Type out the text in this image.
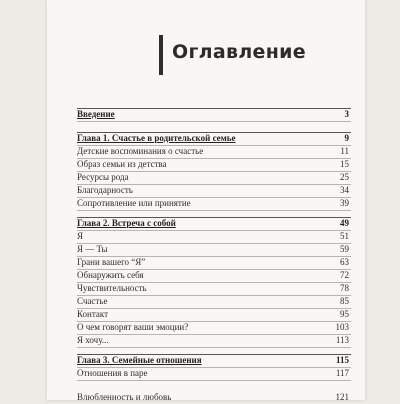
Оглавление
Введение	3
Глава 1. Счастье в родительской семье	9
Детские воспоминания о счастье	11
Образ семьи из детства	15
Ресурсы рода	25
Благодарность	34
Сопротивление или принятие	39
Глава 2. Встреча с собой	49
Я	51
Я — Ты	59
Грани вашего “Я”	63
Обнаружить себя	72
Чувствительность	78
Счастье	85
Контакт	95
О чем говорят ваши эмоции?	103
Я хочу...	113
Глава 3. Семейные отношения	115
Отношения в паре	117
Влюбленность и любовь	121
